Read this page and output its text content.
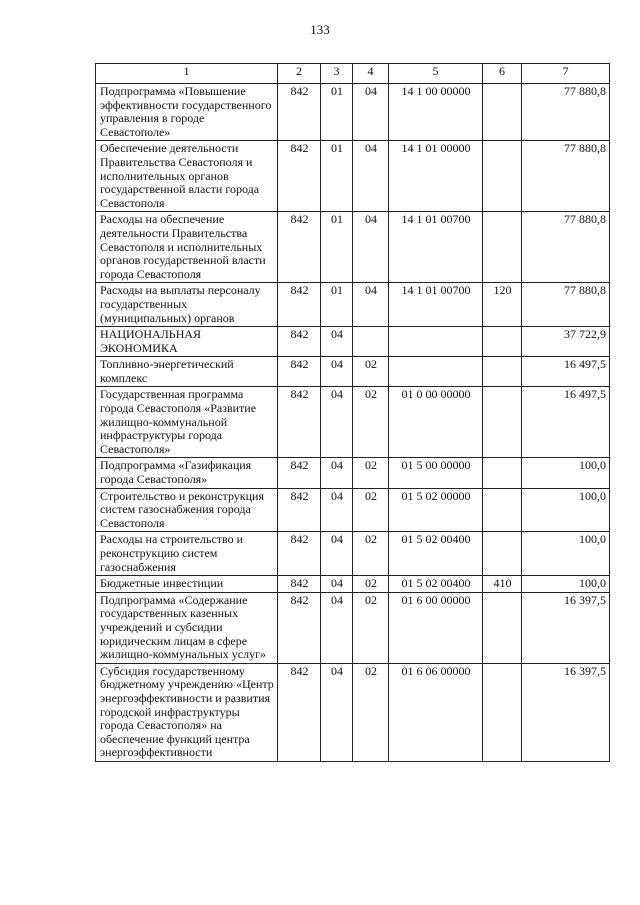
133
1	2	3	4	5	6	7
Подпрограмма «Повышение эффективности государственного управления в городе Севастополе»	842	01	04	14 1 00 00000		77 880,8
Обеспечение деятельности Правительства Севастополя и исполнительных органов государственной власти города Севастополя	842	01	04	14 1 01 00000		77 880,8
Расходы на обеспечение деятельности Правительства Севастополя и исполнительных органов государственной власти города Севастополя	842	01	04	14 1 01 00700		77 880,8
Расходы на выплаты персоналу государственных (муниципальных) органов	842	01	04	14 1 01 00700	120	77 880,8
НАЦИОНАЛЬНАЯ ЭКОНОМИКА	842	04				37 722,9
Топливно-энергетический комплекс	842	04	02			16 497,5
Государственная программа города Севастополя «Развитие жилищно-коммунальной инфраструктуры города Севастополя»	842	04	02	01 0 00 00000		16 497,5
Подпрограмма «Газификация города Севастополя»	842	04	02	01 5 00 00000		100,0
Строительство и реконструкция систем газоснабжения города Севастополя	842	04	02	01 5 02 00000		100,0
Расходы на строительство и реконструкцию систем газоснабжения	842	04	02	01 5 02 00400		100,0
Бюджетные инвестиции	842	04	02	01 5 02 00400	410	100,0
Подпрограмма «Содержание государственных казенных учреждений и субсидии юридическим лицам в сфере жилищно-коммунальных услуг»	842	04	02	01 6 00 00000		16 397,5
Субсидия государственному бюджетному учреждению «Центр энергоэффективности и развития городской инфраструктуры города Севастополя» на обеспечение функций центра энергоэффективности	842	04	02	01 6 06 00000		16 397,5
